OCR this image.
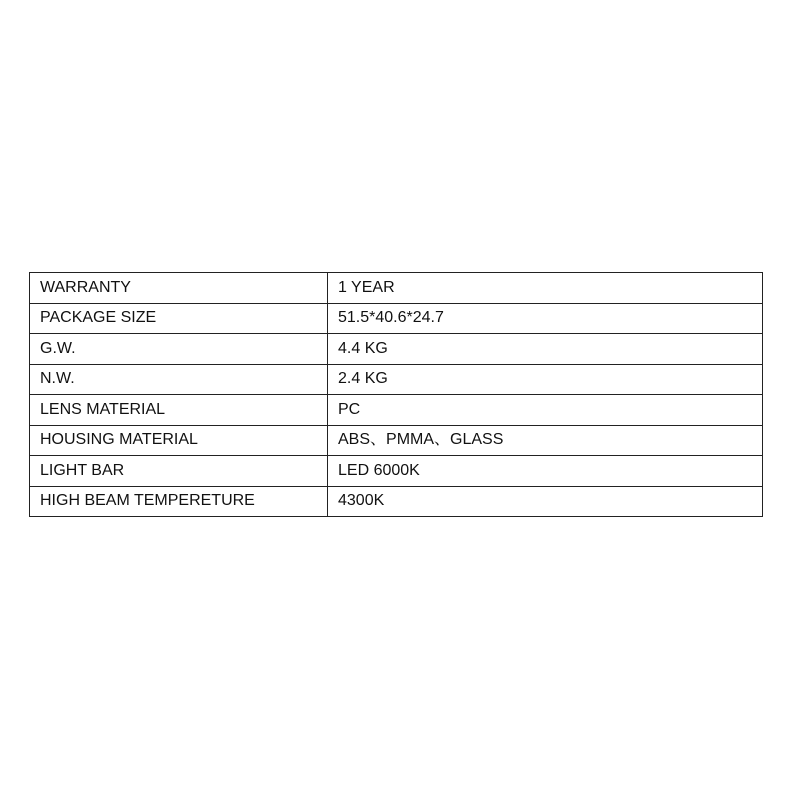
WARRANTY	1 YEAR
PACKAGE SIZE	51.5*40.6*24.7
G.W.	4.4 KG
N.W.	2.4 KG
LENS MATERIAL	PC
HOUSING MATERIAL	ABS、PMMA、GLASS
LIGHT BAR	LED 6000K
HIGH BEAM TEMPERETURE	4300K
